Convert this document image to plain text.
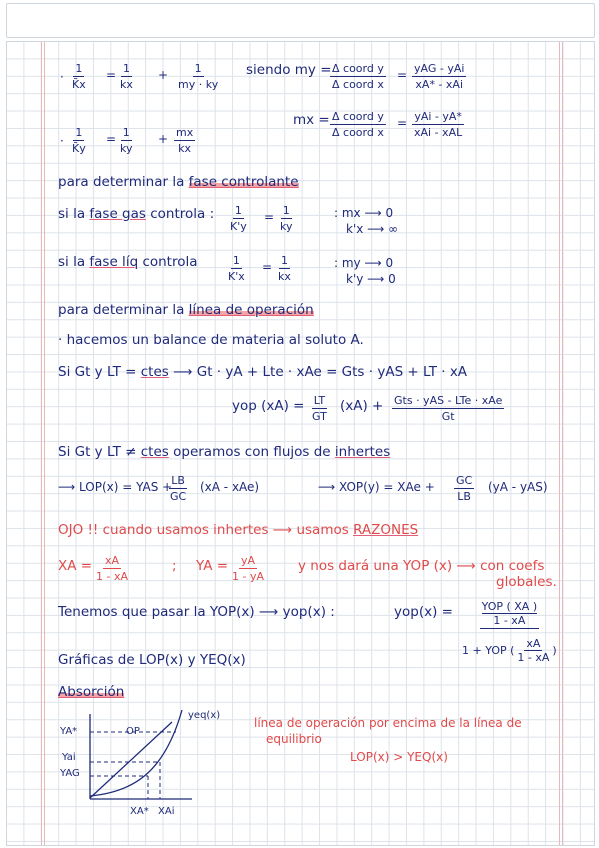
· $\frac{1}{K̄x} = \frac{1}{kx} + \frac{1}{my \cdot ky}$ siendo my = Δ coord y
Δ coord x
= yAG - yAi
xA* - xAi
mx = Δ coord y
Δ coord x
= yAi - yA*
xAi - xAL
· $\frac{1}{K̄y} = \frac{1}{ky} + \frac{mx}{kx}$
para determinar la fase controlante
si la fase gas controla : $\frac{1}{K'y} = \frac{1}{ky}$	: mx ⟶ 0
k'x ⟶ ∞
si la fase líq controla	$\frac{1}{K'x} = \frac{1}{kx}$	: my ⟶ 0
k'y ⟶ 0
para determinar la línea de operación
· hacemos un balance de materia al soluto A.
Si Gt y LT = ctes ⟶ Gt · yA + Lte · xAe = Gts · yAS + LT · xA
yop $(xA) = \frac{LT}{GT} (xA)$ + Gts · yAS - LTe · xAe
Gt
Si Gt y LT ≠ ctes operamos con flujos de inhertes
⟶ LOP(x) = YAS +
$\frac{LB}{GC} (xA - xAe)$	⟶ XOP(y) = XAe + $\frac{GC}{LB} (yA - yAS)$
OJO !! cuando usamos inhertes ⟶ usamos RAZONES
XA = $\frac{xA}{1 - xA}$	; YA = $\frac{yA}{1 - yA}$ y nos dará una YOP (x) ⟶ con coefs
globales.
Tenemos que pasar la YOP(x) ⟶ yop(x) :	yop(x) =	YOP ( XA )
1 - xA
1 + YOP ( $\frac{xA}{1 - xA}$ )
Gráficas de LOP(x) y YEQ(x)
Absorción
línea de operación por encima de la línea de
equilibrio
LOP(x) > YEQ(x)
yeq(x)
OP
YA*
Yai
YAG
XA* XAi
